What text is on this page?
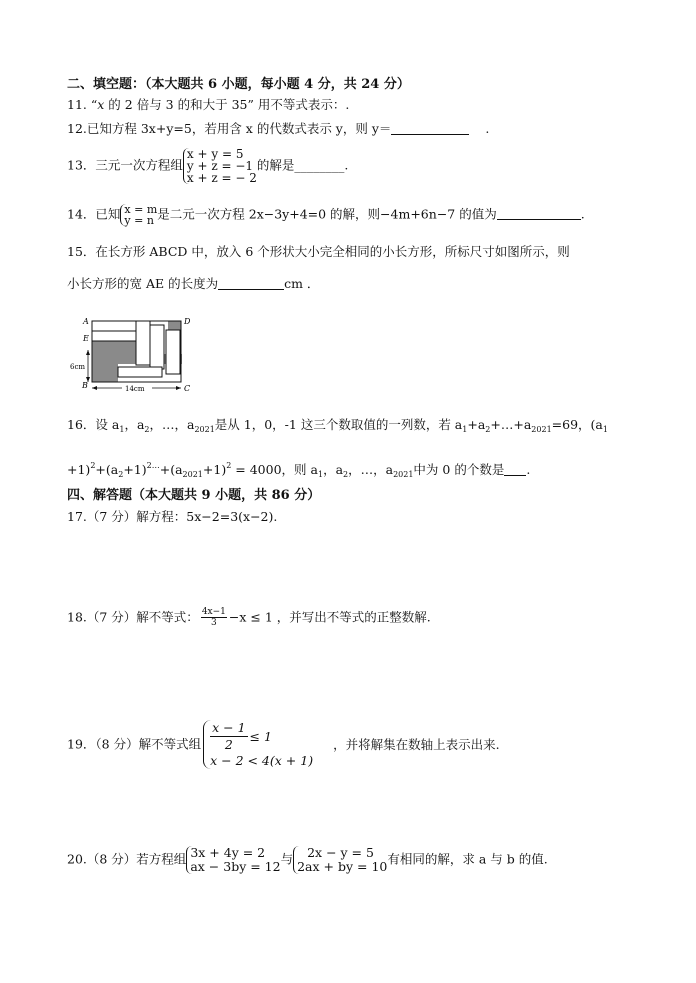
二、填空题：（本大题共 6 小题，每小题 4 分，共 24 分）
11. “x 的 2 倍与 3 的和大于 35” 用不等式表示：.
12.已知方程 3x+y=5，若用含 x 的代数式表示 y，则 y＝	.
13．三元一次方程组
x + y = 5
y + z = −1
x + z = − 2
的解是________.
14．已知 x = m
y = n 是二元一次方程 2x−3y+4=0 的解，则−4m+6n−7 的值为	.
15．在长方形 ABCD 中，放入 6 个形状大小完全相同的小长方形，所标尺寸如图所示，则
小长方形的宽 AE 的长度为	cm ．
A	D
E
B	C
6cm
14cm
16．设 $a_1$，$a_2$，…，$a_{2021}$是从 1，0，-1 这三个数取值的一列数，若 $a_1+a_2+\dots+a_{2021}=69$，($a_1$
$+1)^2+(a_2+1)^{2\dots}+(a_{2021}+1)^2 = 4000$，则 $a_1$，$a_2$，…，$a_{2021}$中为 0 的个数是 .
四、解答题（本大题共 9 小题，共 86 分）
17.（7 分）解方程：5x−2=3(x−2).
18.（7 分）解不等式： $\frac{4x-1}{3} -x \le 1$ ，并写出不等式的正整数解.
19．（8 分）解不等式组 $\frac{x - 1}{2} \le 1$
x − 2 < 4(x + 1)
，并将解集在数轴上表示出来.
20.（8 分）若方程组 3x + 4y = 2
ax − 3by = 12 与	2x − y = 5
2ax + by = 10 有相同的解，求 a 与 b 的值.
